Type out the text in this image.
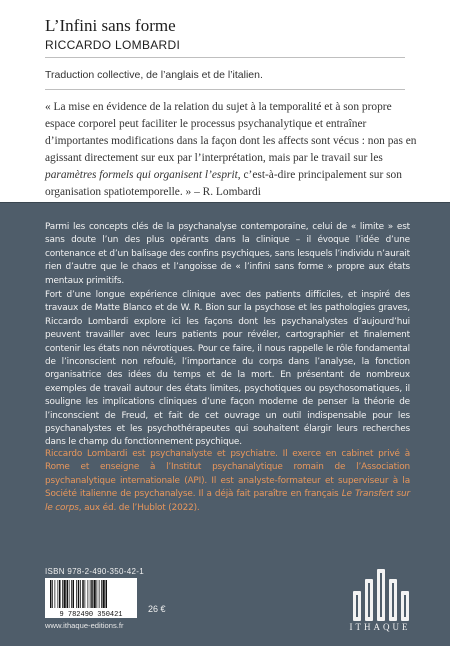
L’Infini sans forme
RICCARDO LOMBARDI
Traduction collective, de l’anglais et de l’italien.

« La mise en évidence de la relation du sujet à la temporalité et à son propre espace corporel peut faciliter le processus psychanalytique et entraîner d’importantes modifications dans la façon dont les affects sont vécus : non pas en agissant directement sur eux par l’interprétation, mais par le travail sur les paramètres formels qui organisent l’esprit, c’est-à-dire principalement sur son organisation spatiotemporelle. » – R. Lombardi

Parmi les concepts clés de la psychanalyse contemporaine, celui de « limite » est sans doute l’un des plus opérants dans la clinique – il évoque l’idée d’une contenance et d’un balisage des confins psychiques, sans lesquels l’individu n’aurait rien d’autre que le chaos et l’angoisse de « l’infini sans forme » propre aux états mentaux primitifs.

Fort d’une longue expérience clinique avec des patients difficiles, et inspiré des travaux de Matte Blanco et de W. R. Bion sur la psychose et les pathologies graves, Riccardo Lombardi explore ici les façons dont les psychanalystes d’aujourd’hui peuvent travailler avec leurs patients pour révéler, cartographier et finalement contenir les états non névrotiques. Pour ce faire, il nous rappelle le rôle fondamental de l’inconscient non refoulé, l’importance du corps dans l’analyse, la fonction organisatrice des idées du temps et de la mort. En présentant de nombreux exemples de travail autour des états limites, psychotiques ou psychosomatiques, il souligne les implications cliniques d’une façon moderne de penser la théorie de l’inconscient de Freud, et fait de cet ouvrage un outil indispensable pour les psychanalystes et les psychothérapeutes qui souhaitent élargir leurs recherches dans le champ du fonctionnement psychique.

Riccardo Lombardi est psychanalyste et psychiatre. Il exerce en cabinet privé à Rome et enseigne à l’Institut psychanalytique romain de l’Association psychanalytique internationale (API). Il est analyste-formateur et superviseur à la Société italienne de psychanalyse. Il a déjà fait paraître en français Le Transfert sur le corps, aux éd. de l’Hublot (2022).

ISBN 978-2-490-350-42-1
9 782490 350421
26 €
www.ithaque-editions.fr	ITHAQUE
